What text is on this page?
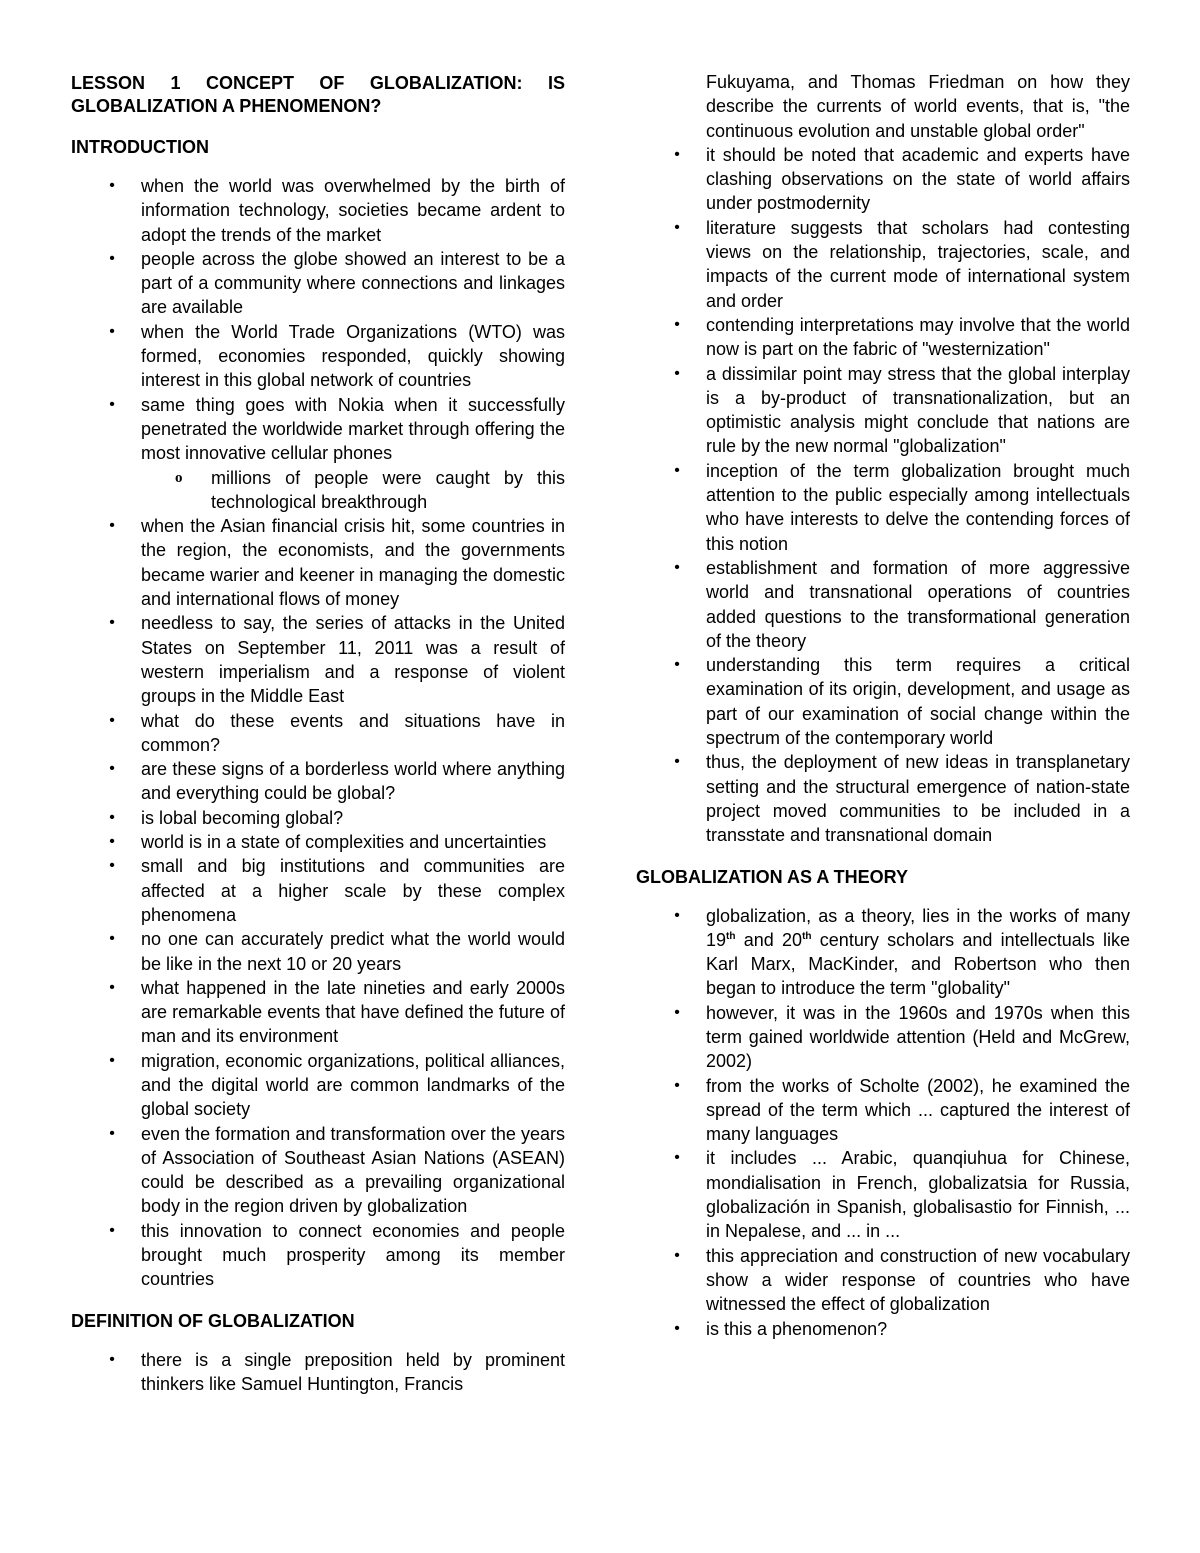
LESSON 1 CONCEPT OF GLOBALIZATION: IS GLOBALIZATION A PHENOMENON?
INTRODUCTION
• when the world was overwhelmed by the birth of information technology, societies became ardent to adopt the trends of the market
• people across the globe showed an interest to be a part of a community where connections and linkages are available
• when the World Trade Organizations (WTO) was formed, economies responded, quickly showing interest in this global network of countries
• same thing goes with Nokia when it successfully penetrated the worldwide market through offering the most innovative cellular phones
o millions of people were caught by this technological breakthrough
• when the Asian financial crisis hit, some countries in the region, the economists, and the governments became warier and keener in managing the domestic and international flows of money
• needless to say, the series of attacks in the United States on September 11, 2011 was a result of western imperialism and a response of violent groups in the Middle East
• what do these events and situations have in common?
• are these signs of a borderless world where anything and everything could be global?
• is lobal becoming global?
• world is in a state of complexities and uncertainties
• small and big institutions and communities are affected at a higher scale by these complex phenomena
• no one can accurately predict what the world would be like in the next 10 or 20 years
• what happened in the late nineties and early 2000s are remarkable events that have defined the future of man and its environment
• migration, economic organizations, political alliances, and the digital world are common landmarks of the global society
• even the formation and transformation over the years of Association of Southeast Asian Nations (ASEAN) could be described as a prevailing organizational body in the region driven by globalization
• this innovation to connect economies and people brought much prosperity among its member countries
DEFINITION OF GLOBALIZATION
• there is a single preposition held by prominent thinkers like Samuel Huntington, Francis
Fukuyama, and Thomas Friedman on how they describe the currents of world events, that is, "the continuous evolution and unstable global order"
• it should be noted that academic and experts have clashing observations on the state of world affairs under postmodernity
• literature suggests that scholars had contesting views on the relationship, trajectories, scale, and impacts of the current mode of international system and order
• contending interpretations may involve that the world now is part on the fabric of "westernization"
• a dissimilar point may stress that the global interplay is a by-product of transnationalization, but an optimistic analysis might conclude that nations are rule by the new normal "globalization"
• inception of the term globalization brought much attention to the public especially among intellectuals who have interests to delve the contending forces of this notion
• establishment and formation of more aggressive world and transnational operations of countries added questions to the transformational generation of the theory
• understanding this term requires a critical examination of its origin, development, and usage as part of our examination of social change within the spectrum of the contemporary world
• thus, the deployment of new ideas in transplanetary setting and the structural emergence of nation-state project moved communities to be included in a transstate and transnational domain
GLOBALIZATION AS A THEORY
• globalization, as a theory, lies in the works of many 19th and 20th century scholars and intellectuals like Karl Marx, MacKinder, and Robertson who then began to introduce the term "globality"
• however, it was in the 1960s and 1970s when this term gained worldwide attention (Held and McGrew, 2002)
• from the works of Scholte (2002), he examined the spread of the term which ... captured the interest of many languages
• it includes ... Arabic, quanqiuhua for Chinese, mondialisation in French, globalizatsia for Russia, globalización in Spanish, globalisastio for Finnish, ... in Nepalese, and ... in ...
• this appreciation and construction of new vocabulary show a wider response of countries who have witnessed the effect of globalization
• is this a phenomenon?
